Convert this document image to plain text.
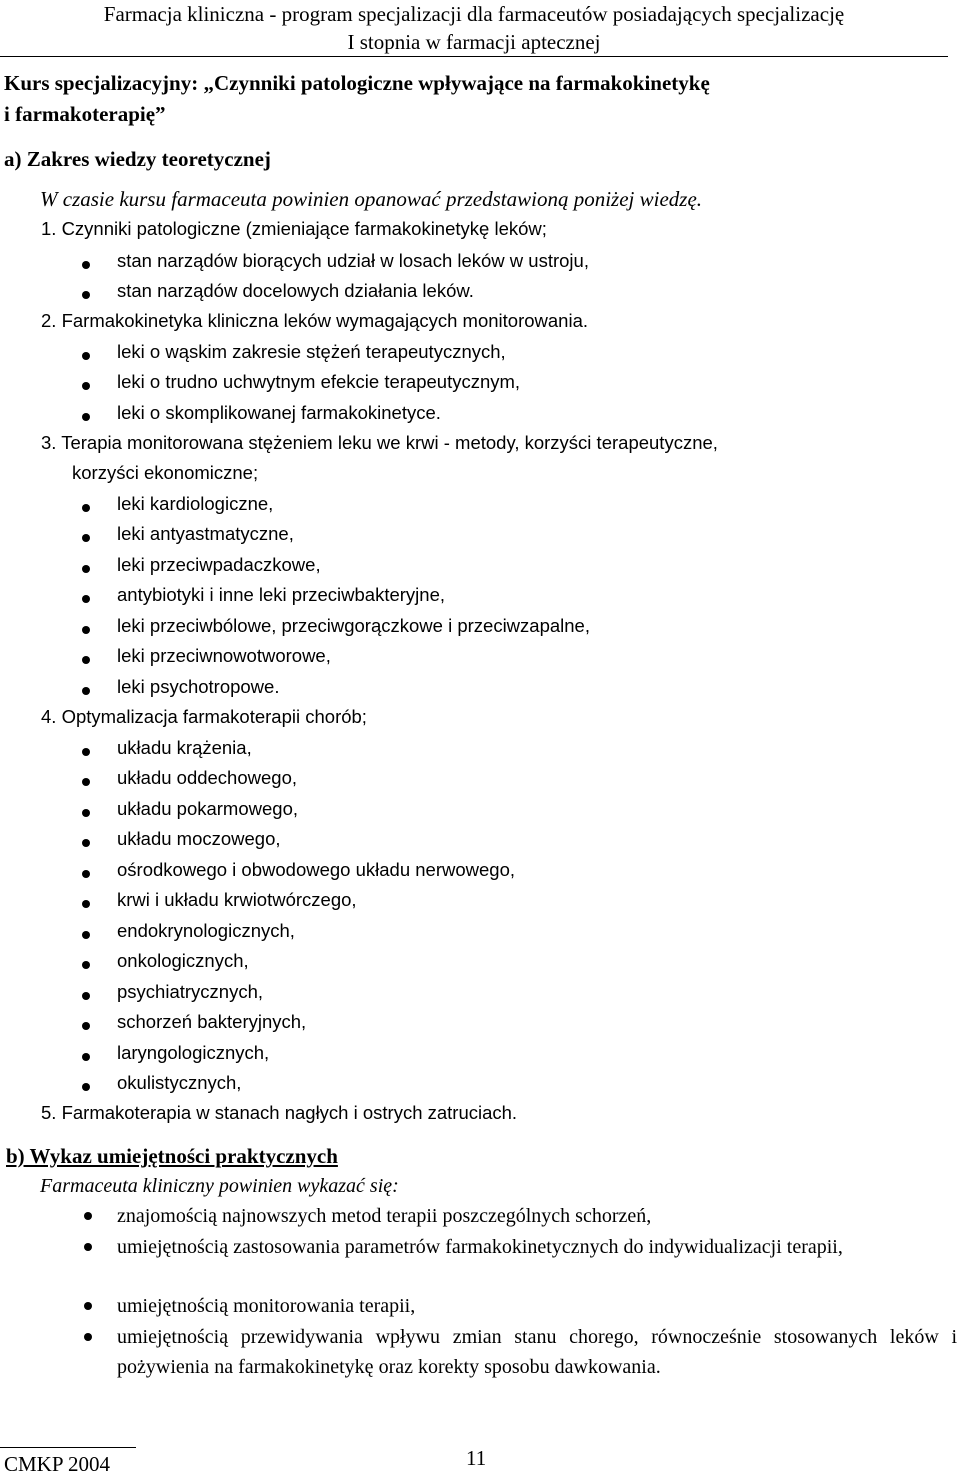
Farmacja kliniczna - program specjalizacji dla farmaceutów posiadających specjalizację
I stopnia w farmacji aptecznej
Kurs specjalizacyjny: „Czynniki patologiczne wpływające na farmakokinetykę
i farmakoterapię”
a) Zakres wiedzy teoretycznej
W czasie kursu farmaceuta powinien opanować przedstawioną poniżej wiedzę.
1. Czynniki patologiczne (zmieniające farmakokinetykę leków;
stan narządów biorących udział w losach leków w ustroju,
stan narządów docelowych działania leków.
2. Farmakokinetyka kliniczna leków wymagających monitorowania.
leki o wąskim zakresie stężeń terapeutycznych,
leki o trudno uchwytnym efekcie terapeutycznym,
leki o skomplikowanej farmakokinetyce.
3. Terapia monitorowana stężeniem leku we krwi - metody, korzyści terapeutyczne,
korzyści ekonomiczne;
leki kardiologiczne,
leki antyastmatyczne,
leki przeciwpadaczkowe,
antybiotyki i inne leki przeciwbakteryjne,
leki przeciwbólowe, przeciwgorączkowe i przeciwzapalne,
leki przeciwnowotworowe,
leki psychotropowe.
4. Optymalizacja farmakoterapii chorób;
układu krążenia,
układu oddechowego,
układu pokarmowego,
układu moczowego,
ośrodkowego i obwodowego układu nerwowego,
krwi i układu krwiotwórczego,
endokrynologicznych,
onkologicznych,
psychiatrycznych,
schorzeń bakteryjnych,
laryngologicznych,
okulistycznych,
5. Farmakoterapia w stanach nagłych i ostrych zatruciach.
b) Wykaz umiejętności praktycznych
Farmaceuta kliniczny powinien wykazać się:
znajomością najnowszych metod terapii poszczególnych schorzeń,
umiejętnością zastosowania parametrów farmakokinetycznych do indywidualizacji terapii,
umiejętnością monitorowania terapii,
umiejętnością przewidywania wpływu zmian stanu chorego, równocześnie stosowanych leków i pożywienia na farmakokinetykę oraz korekty sposobu dawkowania.
CMKP 2004	11
